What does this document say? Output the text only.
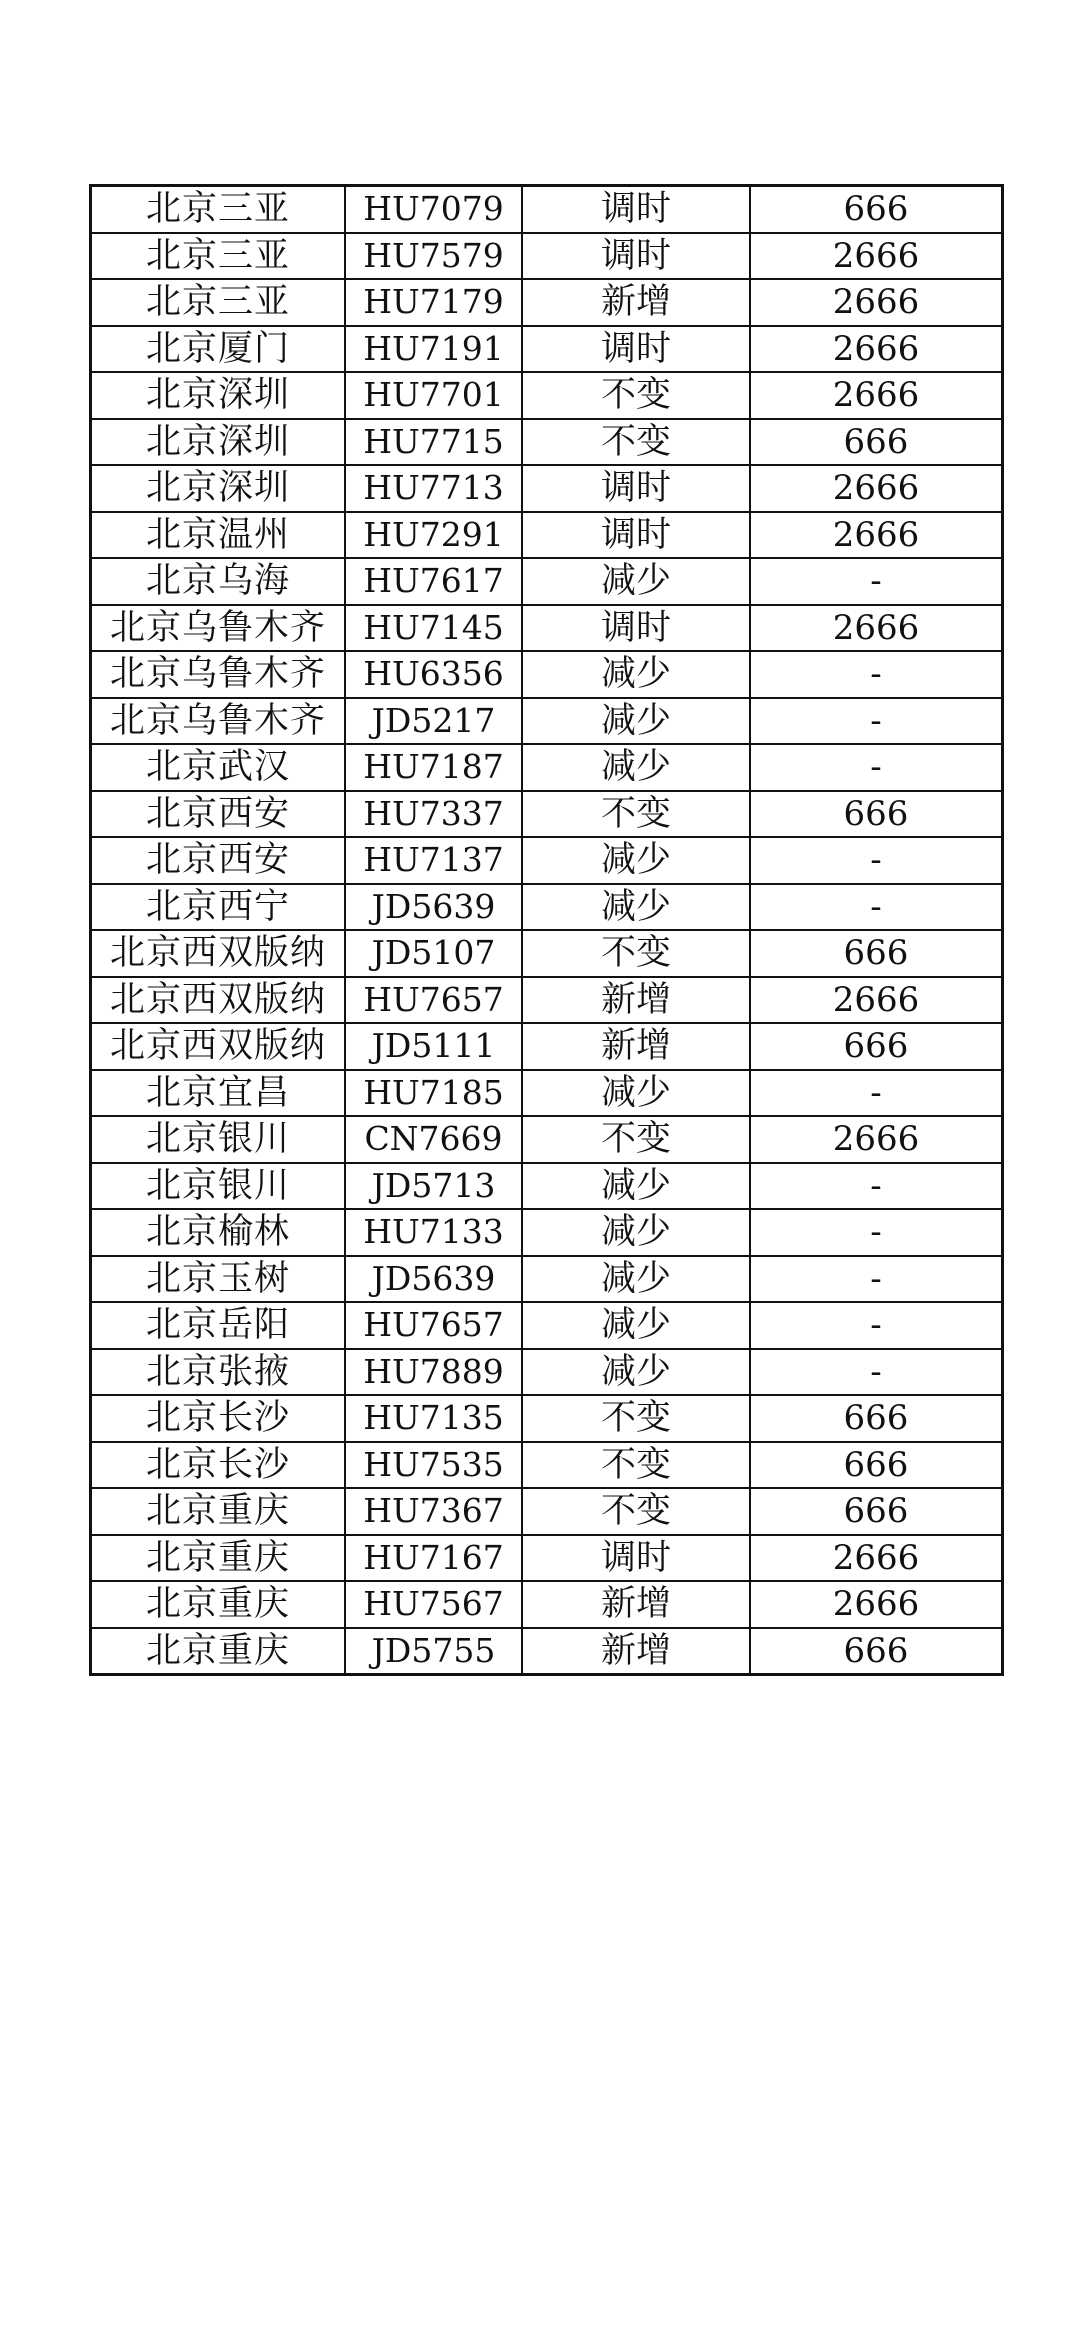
北京三亚	HU7079	调时	666
北京三亚	HU7579	调时	2666
北京三亚	HU7179	新增	2666
北京厦门	HU7191	调时	2666
北京深圳	HU7701	不变	2666
北京深圳	HU7715	不变	666
北京深圳	HU7713	调时	2666
北京温州	HU7291	调时	2666
北京乌海	HU7617	减少	-
北京乌鲁木齐	HU7145	调时	2666
北京乌鲁木齐	HU6356	减少	-
北京乌鲁木齐	JD5217	减少	-
北京武汉	HU7187	减少	-
北京西安	HU7337	不变	666
北京西安	HU7137	减少	-
北京西宁	JD5639	减少	-
北京西双版纳	JD5107	不变	666
北京西双版纳	HU7657	新增	2666
北京西双版纳	JD5111	新增	666
北京宜昌	HU7185	减少	-
北京银川	CN7669	不变	2666
北京银川	JD5713	减少	-
北京榆林	HU7133	减少	-
北京玉树	JD5639	减少	-
北京岳阳	HU7657	减少	-
北京张掖	HU7889	减少	-
北京长沙	HU7135	不变	666
北京长沙	HU7535	不变	666
北京重庆	HU7367	不变	666
北京重庆	HU7167	调时	2666
北京重庆	HU7567	新增	2666
北京重庆	JD5755	新增	666
